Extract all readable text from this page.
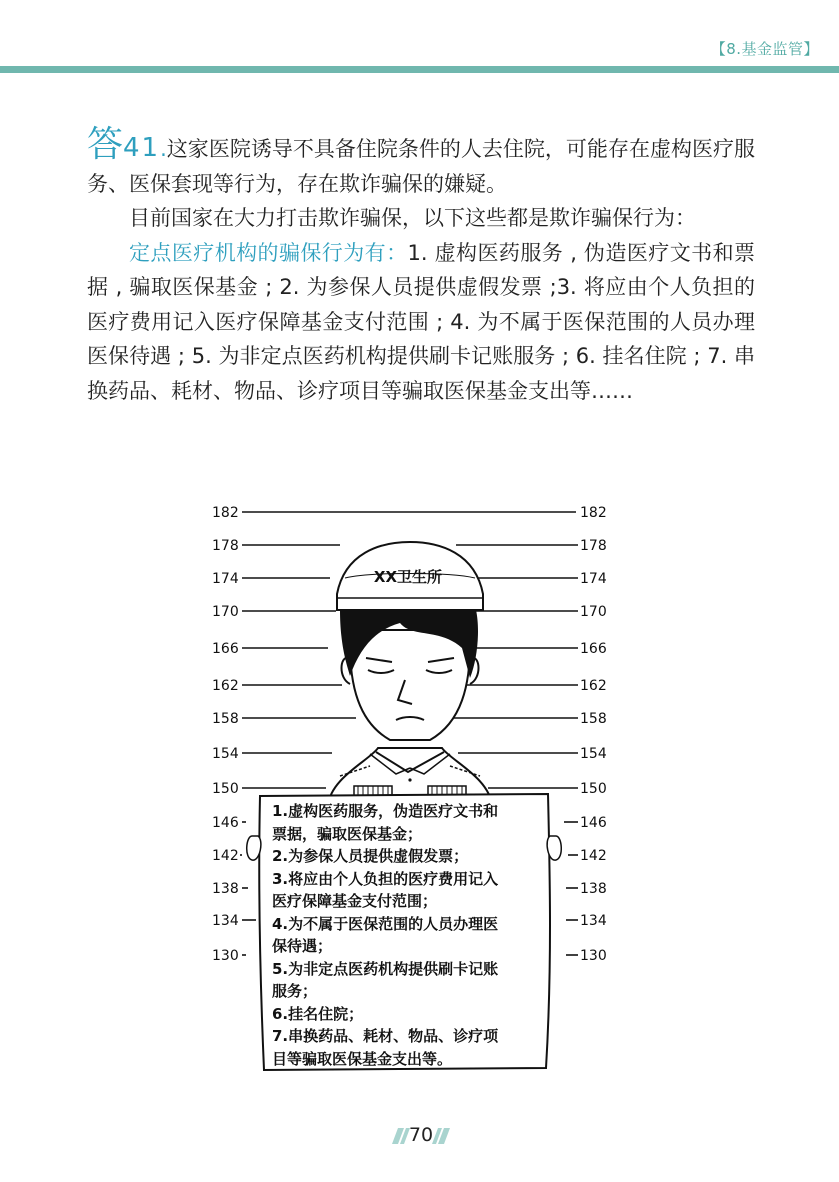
【8.基金监管】

答41.这家医院诱导不具备住院条件的人去住院，可能存在虚构医疗服务、医保套现等行为，存在欺诈骗保的嫌疑。

目前国家在大力打击欺诈骗保，以下这些都是欺诈骗保行为：

定点医疗机构的骗保行为有：1. 虚构医药服务 , 伪造医疗文书和票据 , 骗取医保基金 ; 2. 为参保人员提供虚假发票 ;3. 将应由个人负担的医疗费用记入医疗保障基金支付范围 ; 4. 为不属于医保范围的人员办理医保待遇 ; 5. 为非定点医药机构提供刷卡记账服务 ; 6. 挂名住院 ; 7. 串换药品、耗材、物品、诊疗项目等骗取医保基金支出等……

182	182
178	178
174	174
170	170
166	166
162	162
158	158
154	154
150	150
146	146
142	142
138	138
134	134
130	130
XX卫生所
1.虚构医药服务，伪造医疗文书和
票据，骗取医保基金；
2.为参保人员提供虚假发票；
3.将应由个人负担的医疗费用记入
医疗保障基金支付范围；
4.为不属于医保范围的人员办理医
保待遇；
5.为非定点医药机构提供刷卡记账
服务；
6.挂名住院；
7.串换药品、耗材、物品、诊疗项
目等骗取医保基金支出等。
70
